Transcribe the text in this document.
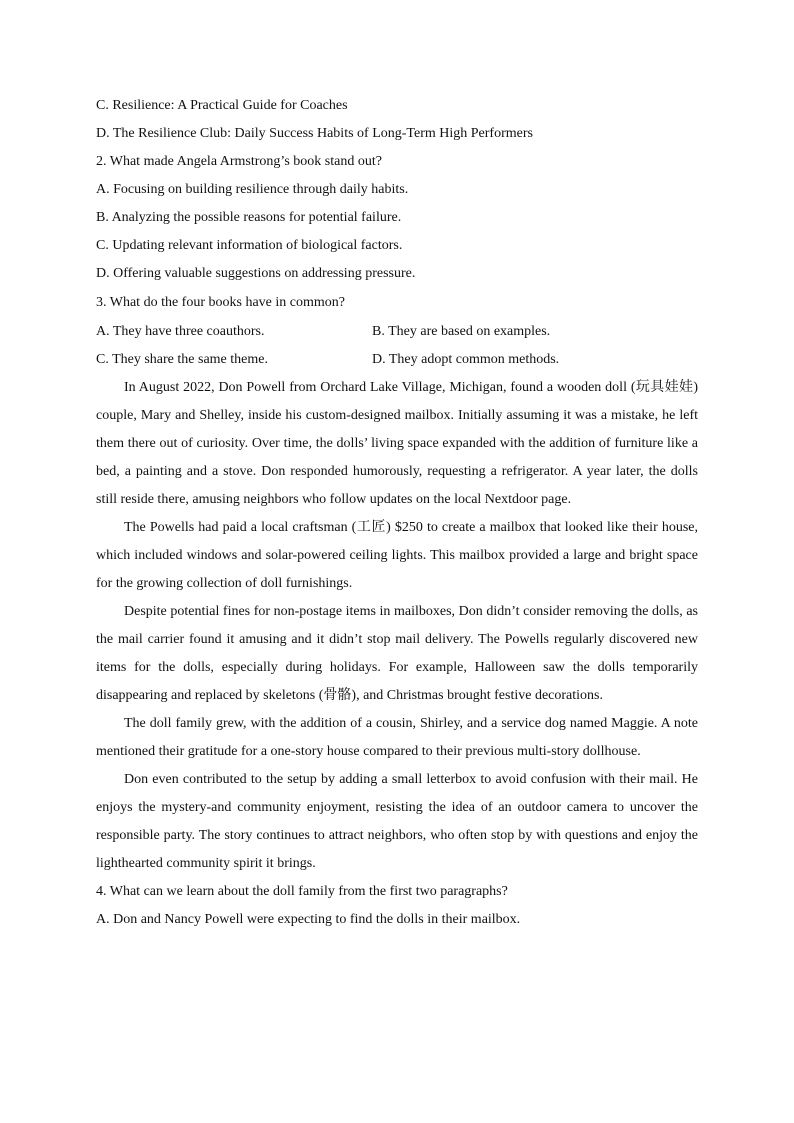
C. Resilience: A Practical Guide for Coaches
D. The Resilience Club: Daily Success Habits of Long-Term High Performers
2. What made Angela Armstrong’s book stand out?
A. Focusing on building resilience through daily habits.
B. Analyzing the possible reasons for potential failure.
C. Updating relevant information of biological factors.
D. Offering valuable suggestions on addressing pressure.
3. What do the four books have in common?
A. They have three coauthors.	B. They are based on examples.
C. They share the same theme.	D. They adopt common methods.

In August 2022, Don Powell from Orchard Lake Village, Michigan, found a wooden doll (玩具娃娃) couple, Mary and Shelley, inside his custom-designed mailbox. Initially assuming it was a mistake, he left them there out of curiosity. Over time, the dolls’ living space expanded with the addition of furniture like a bed, a painting and a stove. Don responded humorously, requesting a refrigerator. A year later, the dolls still reside there, amusing neighbors who follow updates on the local Nextdoor page.

The Powells had paid a local craftsman (工匠) $250 to create a mailbox that looked like their house, which included windows and solar-powered ceiling lights. This mailbox provided a large and bright space for the growing collection of doll furnishings.

Despite potential fines for non-postage items in mailboxes, Don didn’t consider removing the dolls, as the mail carrier found it amusing and it didn’t stop mail delivery. The Powells regularly discovered new items for the dolls, especially during holidays. For example, Halloween saw the dolls temporarily disappearing and replaced by skeletons (骨骼), and Christmas brought festive decorations.

The doll family grew, with the addition of a cousin, Shirley, and a service dog named Maggie. A note mentioned their gratitude for a one-story house compared to their previous multi-story dollhouse.

Don even contributed to the setup by adding a small letterbox to avoid confusion with their mail. He enjoys the mystery-and community enjoyment, resisting the idea of an outdoor camera to uncover the responsible party. The story continues to attract neighbors, who often stop by with questions and enjoy the lighthearted community spirit it brings.

4. What can we learn about the doll family from the first two paragraphs?
A. Don and Nancy Powell were expecting to find the dolls in their mailbox.
